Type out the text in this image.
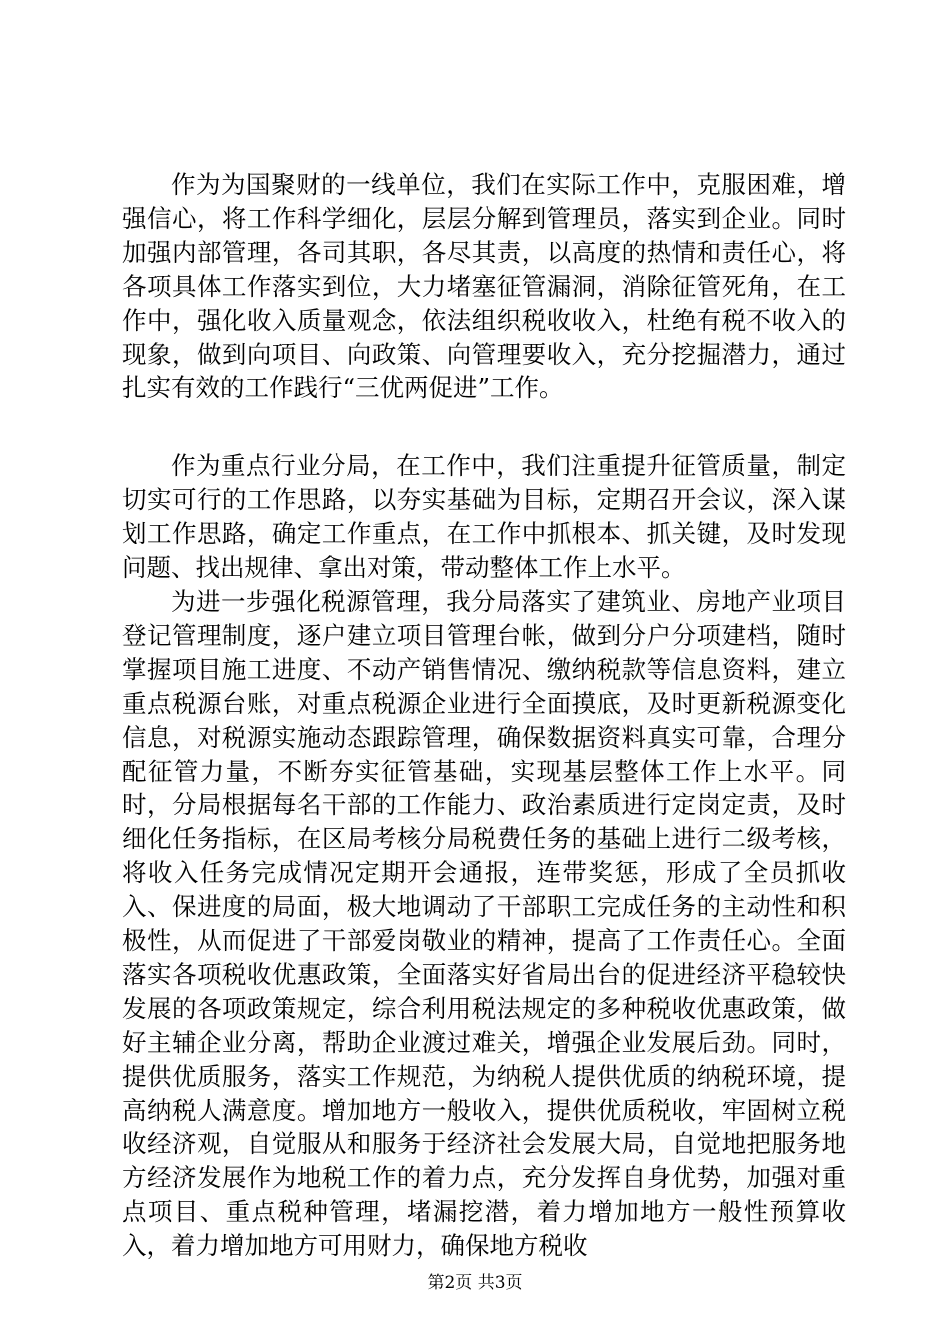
作为为国聚财的一线单位，我们在实际工作中，克服困难，增强信心，将工作科学细化，层层分解到管理员，落实到企业。同时加强内部管理，各司其职，各尽其责，以高度的热情和责任心，将各项具体工作落实到位，大力堵塞征管漏洞，消除征管死角，在工作中，强化收入质量观念，依法组织税收收入，杜绝有税不收入的现象，做到向项目、向政策、向管理要收入，充分挖掘潜力，通过扎实有效的工作践行“三优两促进”工作。

作为重点行业分局，在工作中，我们注重提升征管质量，制定切实可行的工作思路，以夯实基础为目标，定期召开会议，深入谋划工作思路，确定工作重点，在工作中抓根本、抓关键，及时发现问题、找出规律、拿出对策，带动整体工作上水平。

为进一步强化税源管理，我分局落实了建筑业、房地产业项目登记管理制度，逐户建立项目管理台帐，做到分户分项建档，随时掌握项目施工进度、不动产销售情况、缴纳税款等信息资料，建立重点税源台账，对重点税源企业进行全面摸底，及时更新税源变化信息，对税源实施动态跟踪管理，确保数据资料真实可靠，合理分配征管力量，不断夯实征管基础，实现基层整体工作上水平。同时，分局根据每名干部的工作能力、政治素质进行定岗定责，及时细化任务指标，在区局考核分局税费任务的基础上进行二级考核，将收入任务完成情况定期开会通报，连带奖惩，形成了全员抓收入、保进度的局面，极大地调动了干部职工完成任务的主动性和积极性，从而促进了干部爱岗敬业的精神，提高了工作责任心。全面落实各项税收优惠政策，全面落实好省局出台的促进经济平稳较快发展的各项政策规定，综合利用税法规定的多种税收优惠政策，做好主辅企业分离，帮助企业渡过难关，增强企业发展后劲。同时，提供优质服务，落实工作规范，为纳税人提供优质的纳税环境，提高纳税人满意度。增加地方一般收入，提供优质税收，牢固树立税收经济观，自觉服从和服务于经济社会发展大局，自觉地把服务地方经济发展作为地税工作的着力点，充分发挥自身优势，加强对重点项目、重点税种管理，堵漏挖潜，着力增加地方一般性预算收入，着力增加地方可用财力，确保地方税收

第2页 共3页
